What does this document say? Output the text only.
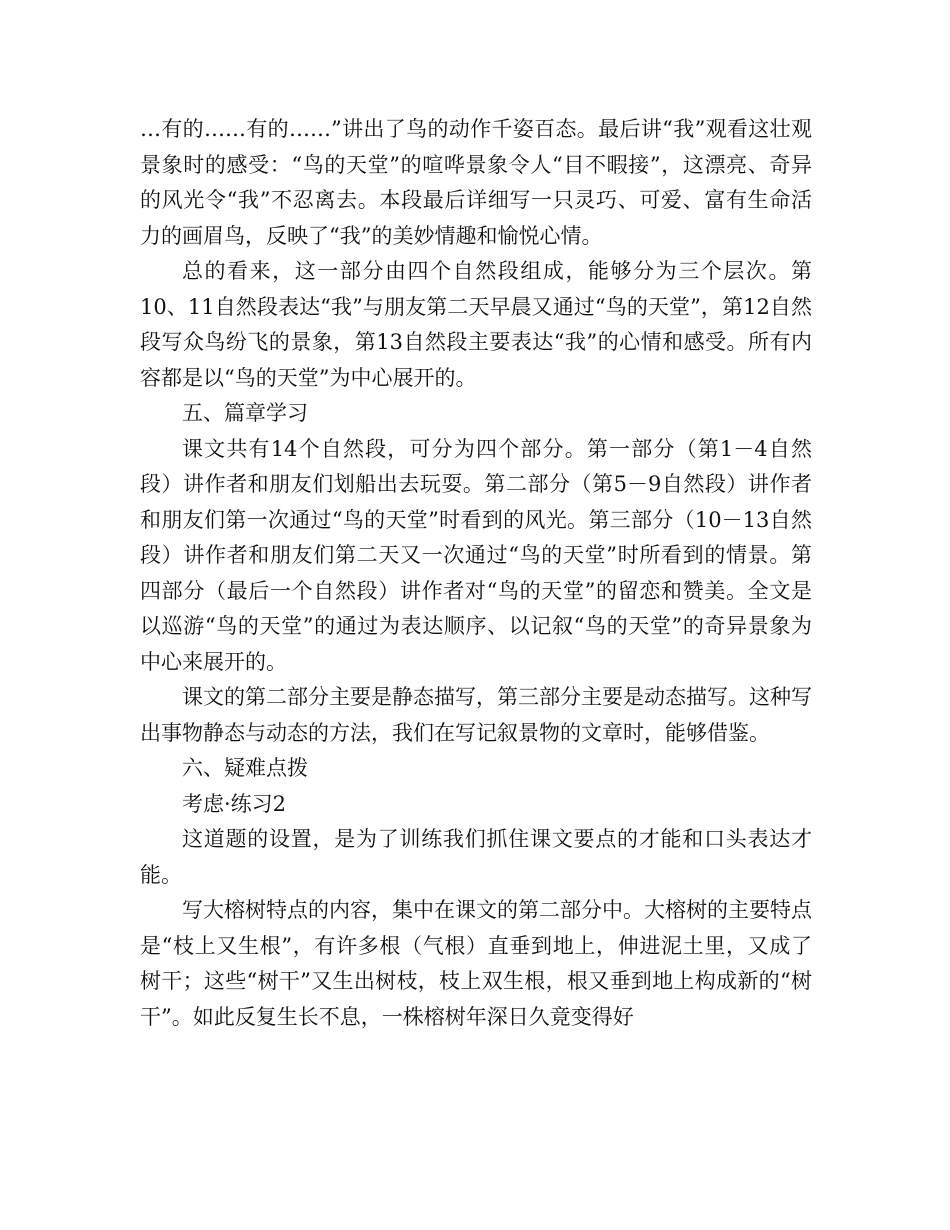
…有的……有的……”讲出了鸟的动作千姿百态。最后讲“我”观看这壮观景象时的感受：“鸟的天堂”的喧哗景象令人“目不暇接”，这漂亮、奇异的风光令“我”不忍离去。本段最后详细写一只灵巧、可爱、富有生命活力的画眉鸟，反映了“我”的美妙情趣和愉悦心情。

总的看来，这一部分由四个自然段组成，能够分为三个层次。第10、11自然段表达“我”与朋友第二天早晨又通过“鸟的天堂”，第12自然段写众鸟纷飞的景象，第13自然段主要表达“我”的心情和感受。所有内容都是以“鸟的天堂”为中心展开的。

五、篇章学习

课文共有14个自然段，可分为四个部分。第一部分（第1－4自然段）讲作者和朋友们划船出去玩耍。第二部分（第5－9自然段）讲作者和朋友们第一次通过“鸟的天堂”时看到的风光。第三部分（10－13自然段）讲作者和朋友们第二天又一次通过“鸟的天堂”时所看到的情景。第四部分（最后一个自然段）讲作者对“鸟的天堂”的留恋和赞美。全文是以巡游“鸟的天堂”的通过为表达顺序、以记叙“鸟的天堂”的奇异景象为中心来展开的。

课文的第二部分主要是静态描写，第三部分主要是动态描写。这种写出事物静态与动态的方法，我们在写记叙景物的文章时，能够借鉴。

六、疑难点拨

考虑·练习2

这道题的设置，是为了训练我们抓住课文要点的才能和口头表达才能。

写大榕树特点的内容，集中在课文的第二部分中。大榕树的主要特点是“枝上又生根”，有许多根（气根）直垂到地上，伸进泥土里，又成了树干；这些“树干”又生出树枝，枝上双生根，根又垂到地上构成新的“树干”。如此反复生长不息，一株榕树年深日久竟变得好
